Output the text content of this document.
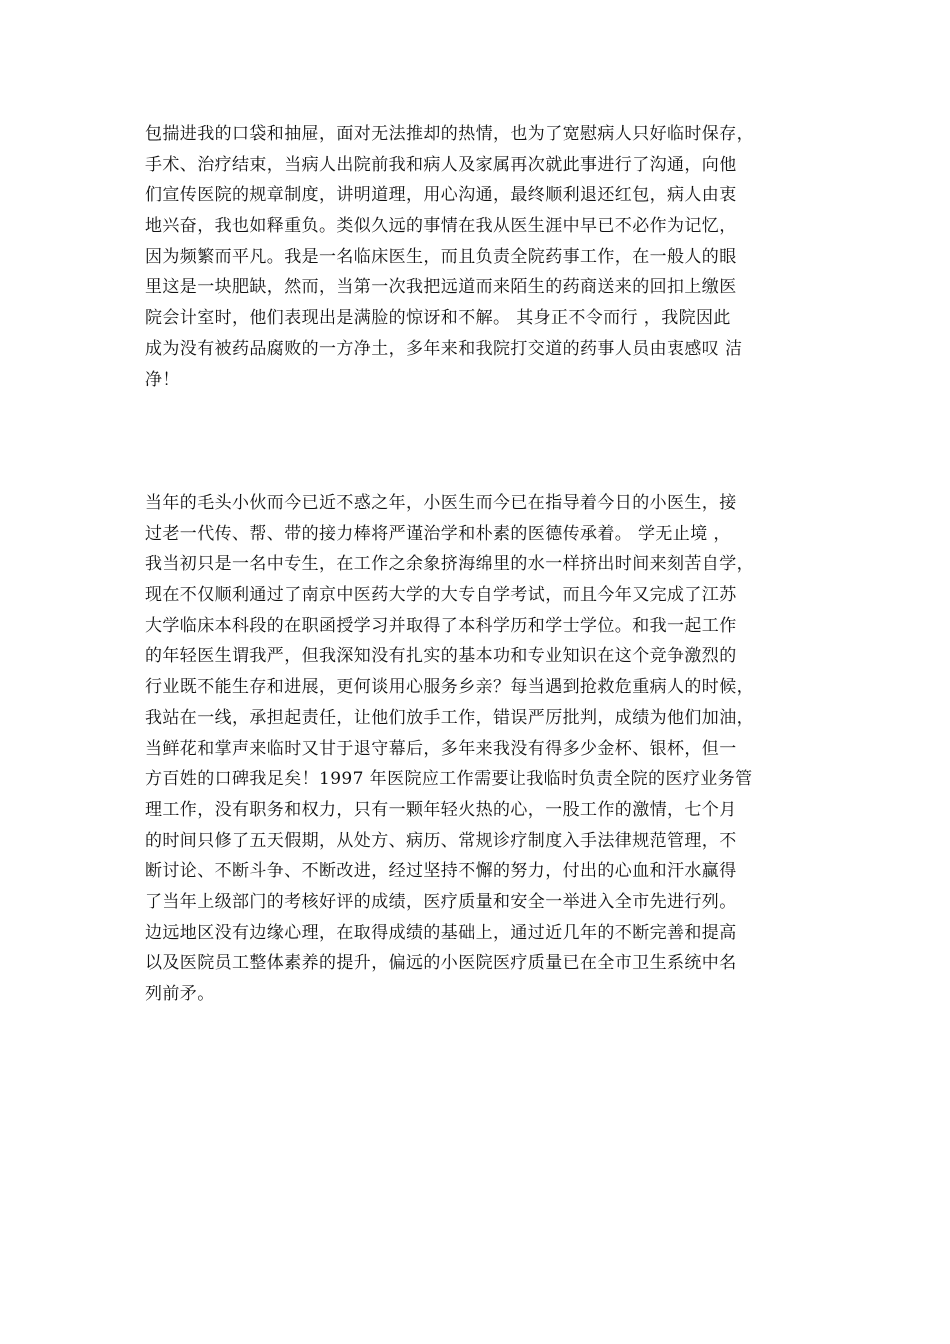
包揣进我的口袋和抽屉，面对无法推却的热情，也为了宽慰病人只好临时保存，
手术、治疗结束，当病人出院前我和病人及家属再次就此事进行了沟通，向他
们宣传医院的规章制度，讲明道理，用心沟通，最终顺利退还红包，病人由衷
地兴奋，我也如释重负。类似久远的事情在我从医生涯中早已不必作为记忆，
因为频繁而平凡。我是一名临床医生，而且负责全院药事工作，在一般人的眼
里这是一块肥缺，然而，当第一次我把远道而来陌生的药商送来的回扣上缴医
院会计室时，他们表现出是满脸的惊讶和不解。 其身正不令而行 ，我院因此
成为没有被药品腐败的一方净土，多年来和我院打交道的药事人员由衷感叹 洁
净！
当年的毛头小伙而今已近不惑之年，小医生而今已在指导着今日的小医生，接
过老一代传、帮、带的接力棒将严谨治学和朴素的医德传承着。 学无止境 ，
我当初只是一名中专生，在工作之余象挤海绵里的水一样挤出时间来刻苦自学，
现在不仅顺利通过了南京中医药大学的大专自学考试，而且今年又完成了江苏
大学临床本科段的在职函授学习并取得了本科学历和学士学位。和我一起工作
的年轻医生谓我严，但我深知没有扎实的基本功和专业知识在这个竞争激烈的
行业既不能生存和进展，更何谈用心服务乡亲？每当遇到抢救危重病人的时候，
我站在一线，承担起责任，让他们放手工作，错误严厉批判，成绩为他们加油，
当鲜花和掌声来临时又甘于退守幕后，多年来我没有得多少金杯、银杯，但一
方百姓的口碑我足矣！1997 年医院应工作需要让我临时负责全院的医疗业务管
理工作，没有职务和权力，只有一颗年轻火热的心，一股工作的激情，七个月
的时间只修了五天假期，从处方、病历、常规诊疗制度入手法律规范管理，不
断讨论、不断斗争、不断改进，经过坚持不懈的努力，付出的心血和汗水赢得
了当年上级部门的考核好评的成绩，医疗质量和安全一举进入全市先进行列。
边远地区没有边缘心理，在取得成绩的基础上，通过近几年的不断完善和提高
以及医院员工整体素养的提升，偏远的小医院医疗质量已在全市卫生系统中名
列前矛。
